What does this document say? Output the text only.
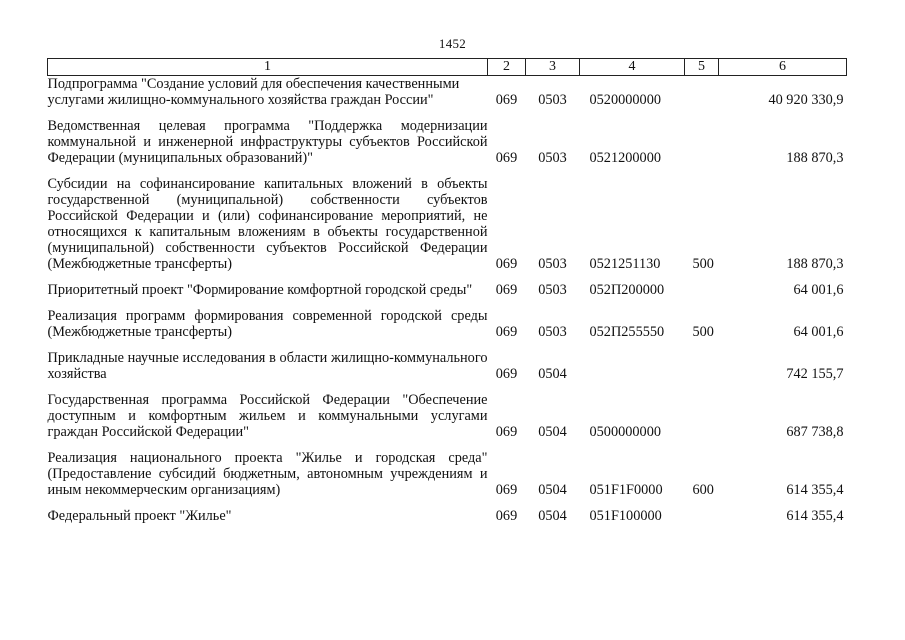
1452
1	2	3	4	5	6
Подпрограмма "Создание условий для обеспечения качественными услугами жилищно-коммунального хозяйства граждан России"	069	0503	0520000000		40 920 330,9
Ведомственная целевая программа "Поддержка модернизации коммунальной и инженерной инфраструктуры субъектов Российской Федерации (муниципальных образований)"	069	0503	0521200000		188 870,3
Субсидии на софинансирование капитальных вложений в объекты государственной (муниципальной) собственности субъектов Российской Федерации и (или) софинансирование мероприятий, не относящихся к капитальным вложениям в объекты государственной (муниципальной) собственности субъектов Российской Федерации (Межбюджетные трансферты)	069	0503	0521251130	500	188 870,3
Приоритетный проект "Формирование комфортной городской среды"	069	0503	052П200000		64 001,6
Реализация программ формирования современной городской среды (Межбюджетные трансферты)	069	0503	052П255550	500	64 001,6
Прикладные научные исследования в области жилищно-коммунального хозяйства	069	0504			742 155,7
Государственная программа Российской Федерации "Обеспечение доступным и комфортным жильем и коммунальными услугами граждан Российской Федерации"	069	0504	0500000000		687 738,8
Реализация национального проекта "Жилье и городская среда" (Предоставление субсидий бюджетным, автономным учреждениям и иным некоммерческим организациям)	069	0504	051F1F0000	600	614 355,4
Федеральный проект "Жилье"	069	0504	051F100000		614 355,4
